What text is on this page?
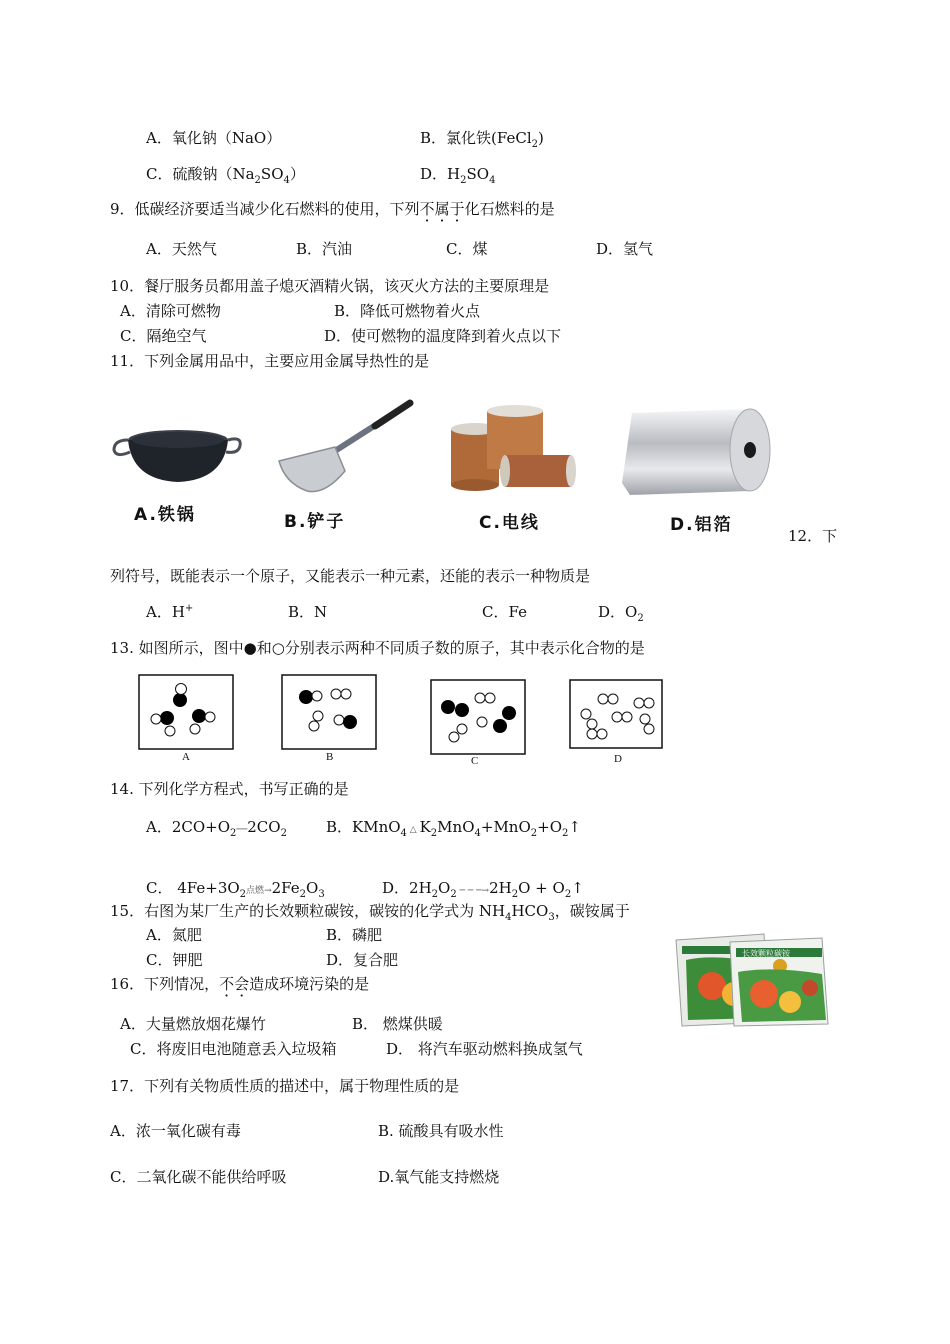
A．氧化钠（NaO）	B．氯化铁(FeCl$_2$)
C．硫酸钠$(Na_2SO_4)$	D．$H_2SO_4$
9．低碳经济要适当减少化石燃料的使用，下列不属于化石燃料的是
A．天然气	B．汽油	C．煤	D．氢气
10．餐厅服务员都用盖子熄灭酒精火锅，该灭火方法的主要原理是
A．清除可燃物	B．降低可燃物着火点
C．隔绝空气	D．使可燃物的温度降到着火点以下
11．下列金属用品中，主要应用金属导热性的是
A.铁锅	B.铲子	C.电线	D.铝箔
12．下
列符号，既能表示一个原子，又能表示一种元素，还能的表示一种物质是
A．H+	B．N	C．Fe	D．$O_2$
13. 如图所示，图中●和○分别表示两种不同质子数的原子，其中表示化合物的是
A	B	C	D
14. 下列化学方程式，书写正确的是
A．$2CO+O_2──2CO_2$	B．KMnO$_4$ △ $K_2MnO_4+MnO_2+O_2↑$
C． $4Fe+3O_2$点燃$\to 2Fe_2O_3$	D．$2H_2O_2$ ─ ─ $─\to 2H_2O$ + $O_2↑$
15．右图为某厂生产的长效颗粒碳铵，碳铵的化学式为 $NH_4HCO_3$，碳铵属于
A．氮肥	B．磷肥
C．钾肥	D．复合肥	长效颗粒碳铵
16．下列情况，不会造成环境污染的是
A．大量燃放烟花爆竹	B． 燃煤供暖
C．将废旧电池随意丢入垃圾箱	D． 将汽车驱动燃料换成氢气
17．下列有关物质性质的描述中，属于物理性质的是
A．浓一氧化碳有毒	B. 硫酸具有吸水性
C．二氧化碳不能供给呼吸	D.氧气能支持燃烧
